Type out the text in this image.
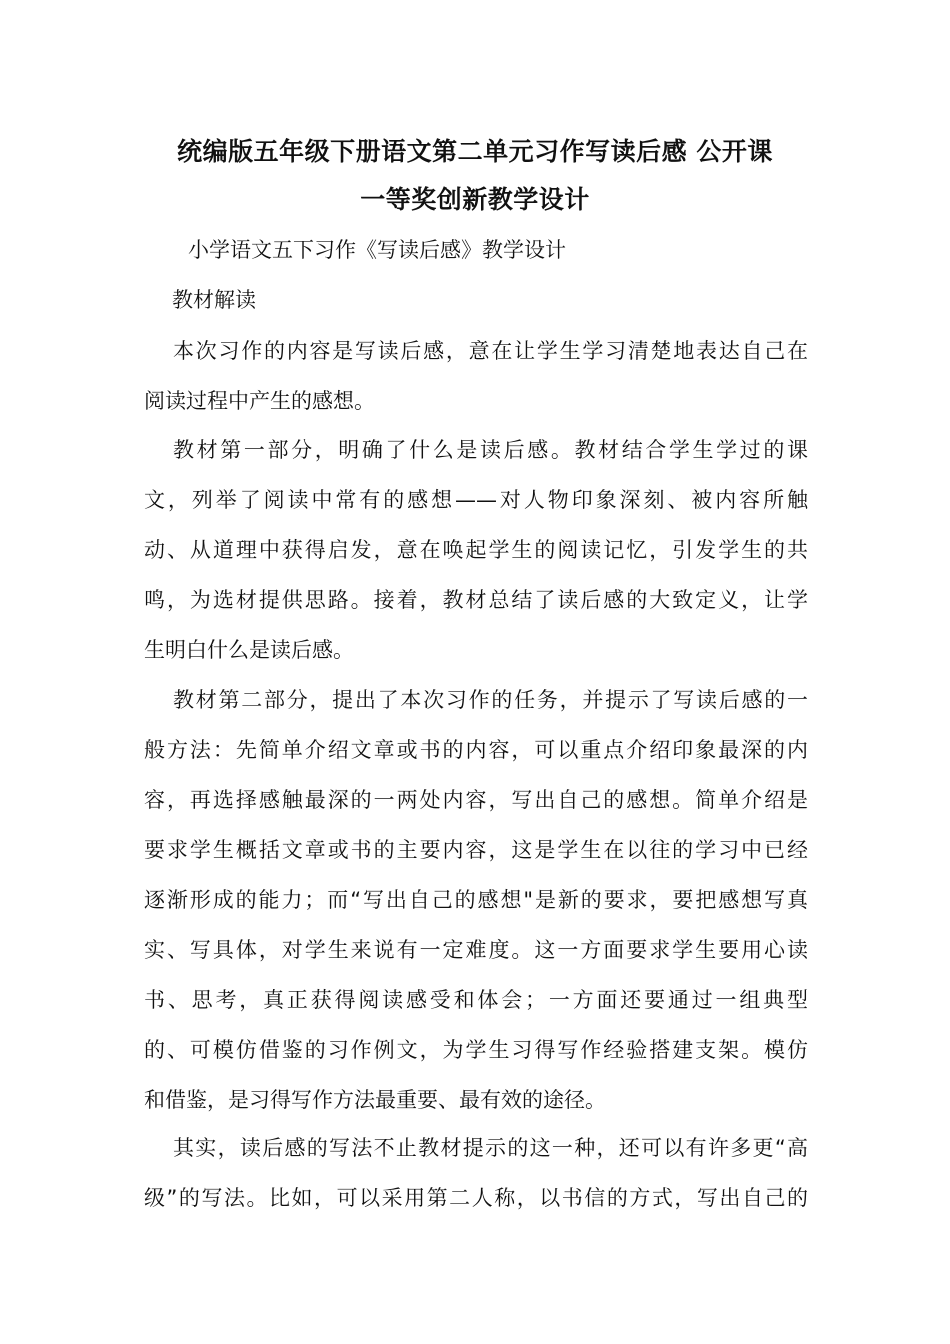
统编版五年级下册语文第二单元习作写读后感 公开课
一等奖创新教学设计

小学语文五下习作《写读后感》教学设计

教材解读

本次习作的内容是写读后感，意在让学生学习清楚地表达自己在
阅读过程中产生的感想。

教材第一部分，明确了什么是读后感。教材结合学生学过的课
文，列举了阅读中常有的感想——对人物印象深刻、被内容所触
动、从道理中获得启发，意在唤起学生的阅读记忆，引发学生的共
鸣，为选材提供思路。接着，教材总结了读后感的大致定义，让学
生明白什么是读后感。

教材第二部分，提出了本次习作的任务，并提示了写读后感的一
般方法：先简单介绍文章或书的内容，可以重点介绍印象最深的内
容，再选择感触最深的一两处内容，写出自己的感想。简单介绍是
要求学生概括文章或书的主要内容，这是学生在以往的学习中已经
逐渐形成的能力；而“写出自己的感想"是新的要求，要把感想写真
实、写具体，对学生来说有一定难度。这一方面要求学生要用心读
书、思考，真正获得阅读感受和体会；一方面还要通过一组典型
的、可模仿借鉴的习作例文，为学生习得写作经验搭建支架。模仿
和借鉴，是习得写作方法最重要、最有效的途径。

其实，读后感的写法不止教材提示的这一种，还可以有许多更“高
级”的写法。比如，可以采用第二人称，以书信的方式，写出自己的
